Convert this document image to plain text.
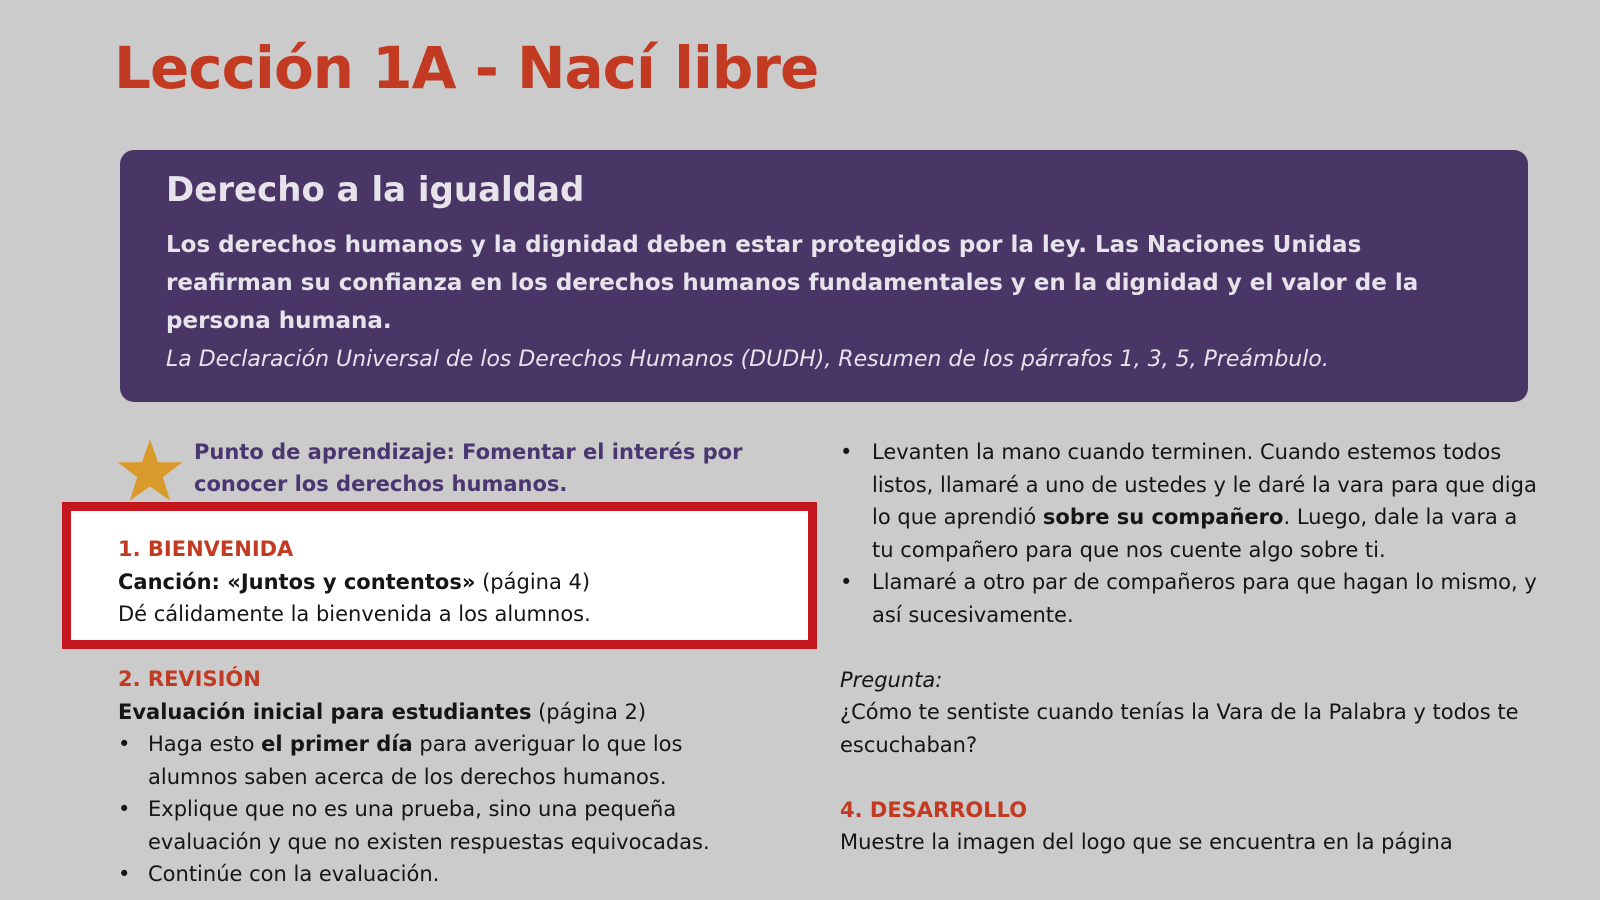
Lección 1A - Nací libre
Derecho a la igualdad
Los derechos humanos y la dignidad deben estar protegidos por la ley. Las Naciones Unidas reafirman su confianza en los derechos humanos fundamentales y en la dignidad y el valor de la persona humana.
La Declaración Universal de los Derechos Humanos (DUDH), Resumen de los párrafos 1, 3, 5, Preámbulo.
Punto de aprendizaje: Fomentar el interés por conocer los derechos humanos.
1. BIENVENIDA
Canción: «Juntos y contentos» (página 4)
Dé cálidamente la bienvenida a los alumnos.
2. REVISIÓN
Evaluación inicial para estudiantes (página 2)
• Haga esto el primer día para averiguar lo que los
alumnos saben acerca de los derechos humanos.
• Explique que no es una prueba, sino una pequeña
evaluación y que no existen respuestas equivocadas.
• Continúe con la evaluación.
• Levanten la mano cuando terminen. Cuando estemos todos listos, llamaré a uno de ustedes y le daré la vara para que diga lo que aprendió sobre su compañero. Luego, dale la vara a tu compañero para que nos cuente algo sobre ti.
• Llamaré a otro par de compañeros para que hagan lo mismo, y así sucesivamente.
Pregunta:
¿Cómo te sentiste cuando tenías la Vara de la Palabra y todos te escuchaban?
4. DESARROLLO
Muestre la imagen del logo que se encuentra en la página
